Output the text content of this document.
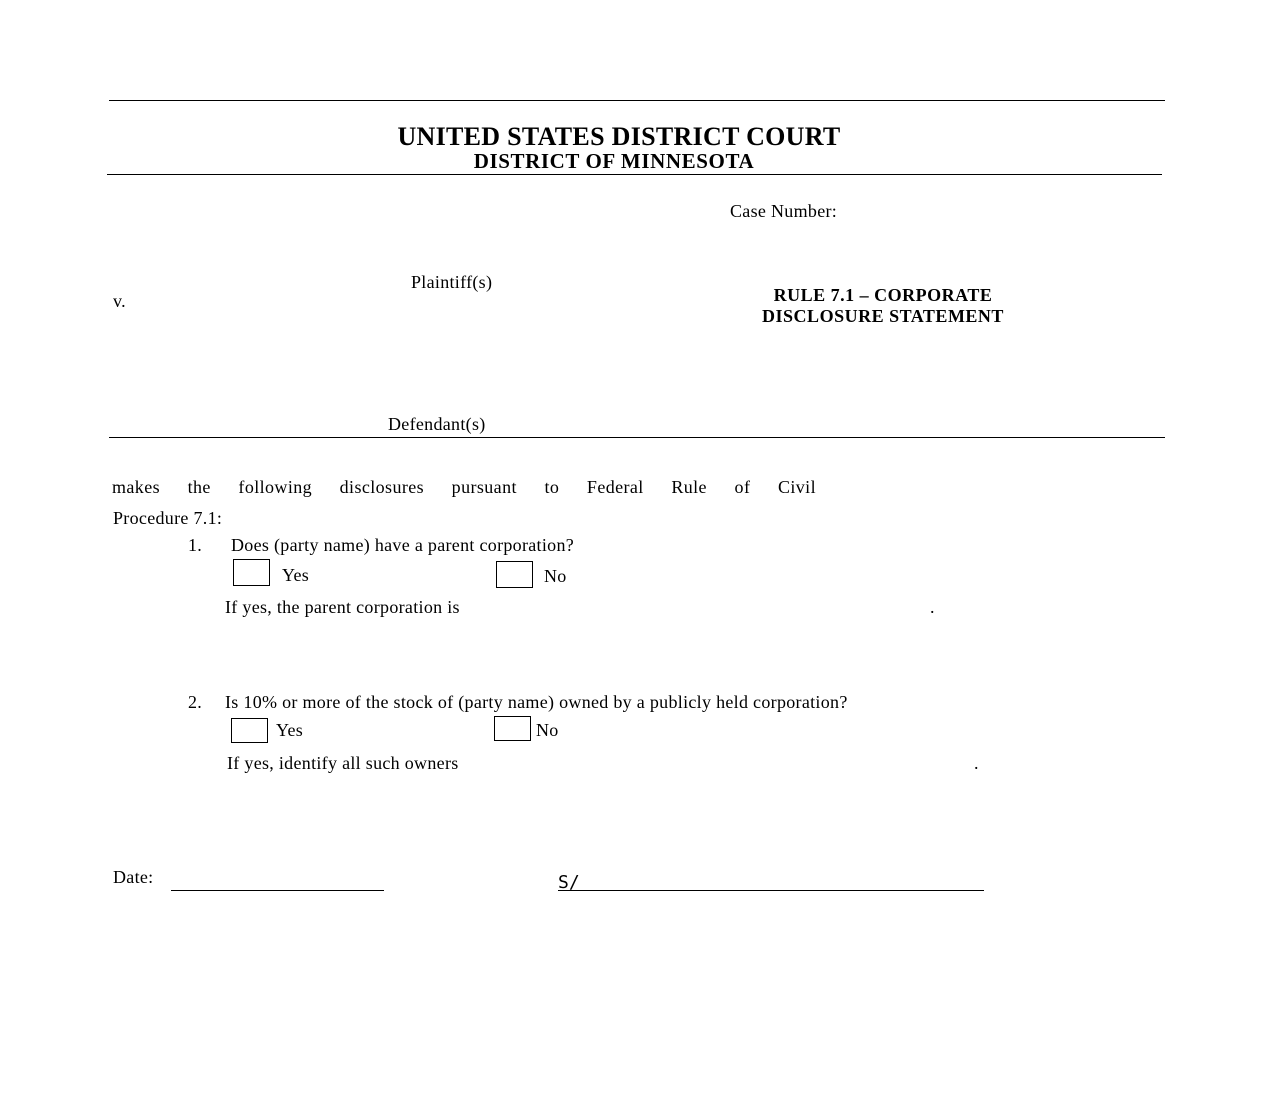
UNITED STATES DISTRICT COURT
DISTRICT OF MINNESOTA
Case Number:
Plaintiff(s)
v.	RULE 7.1 – CORPORATE
DISCLOSURE STATEMENT
Defendant(s)
makes the following disclosures pursuant to Federal Rule of Civil
Procedure 7.1:
1. Does (party name) have a parent corporation?
Yes	No
If yes, the parent corporation is	.
2. Is 10% or more of the stock of (party name) owned by a publicly held corporation?
Yes	No
If yes, identify all such owners	.
Date:	S/
